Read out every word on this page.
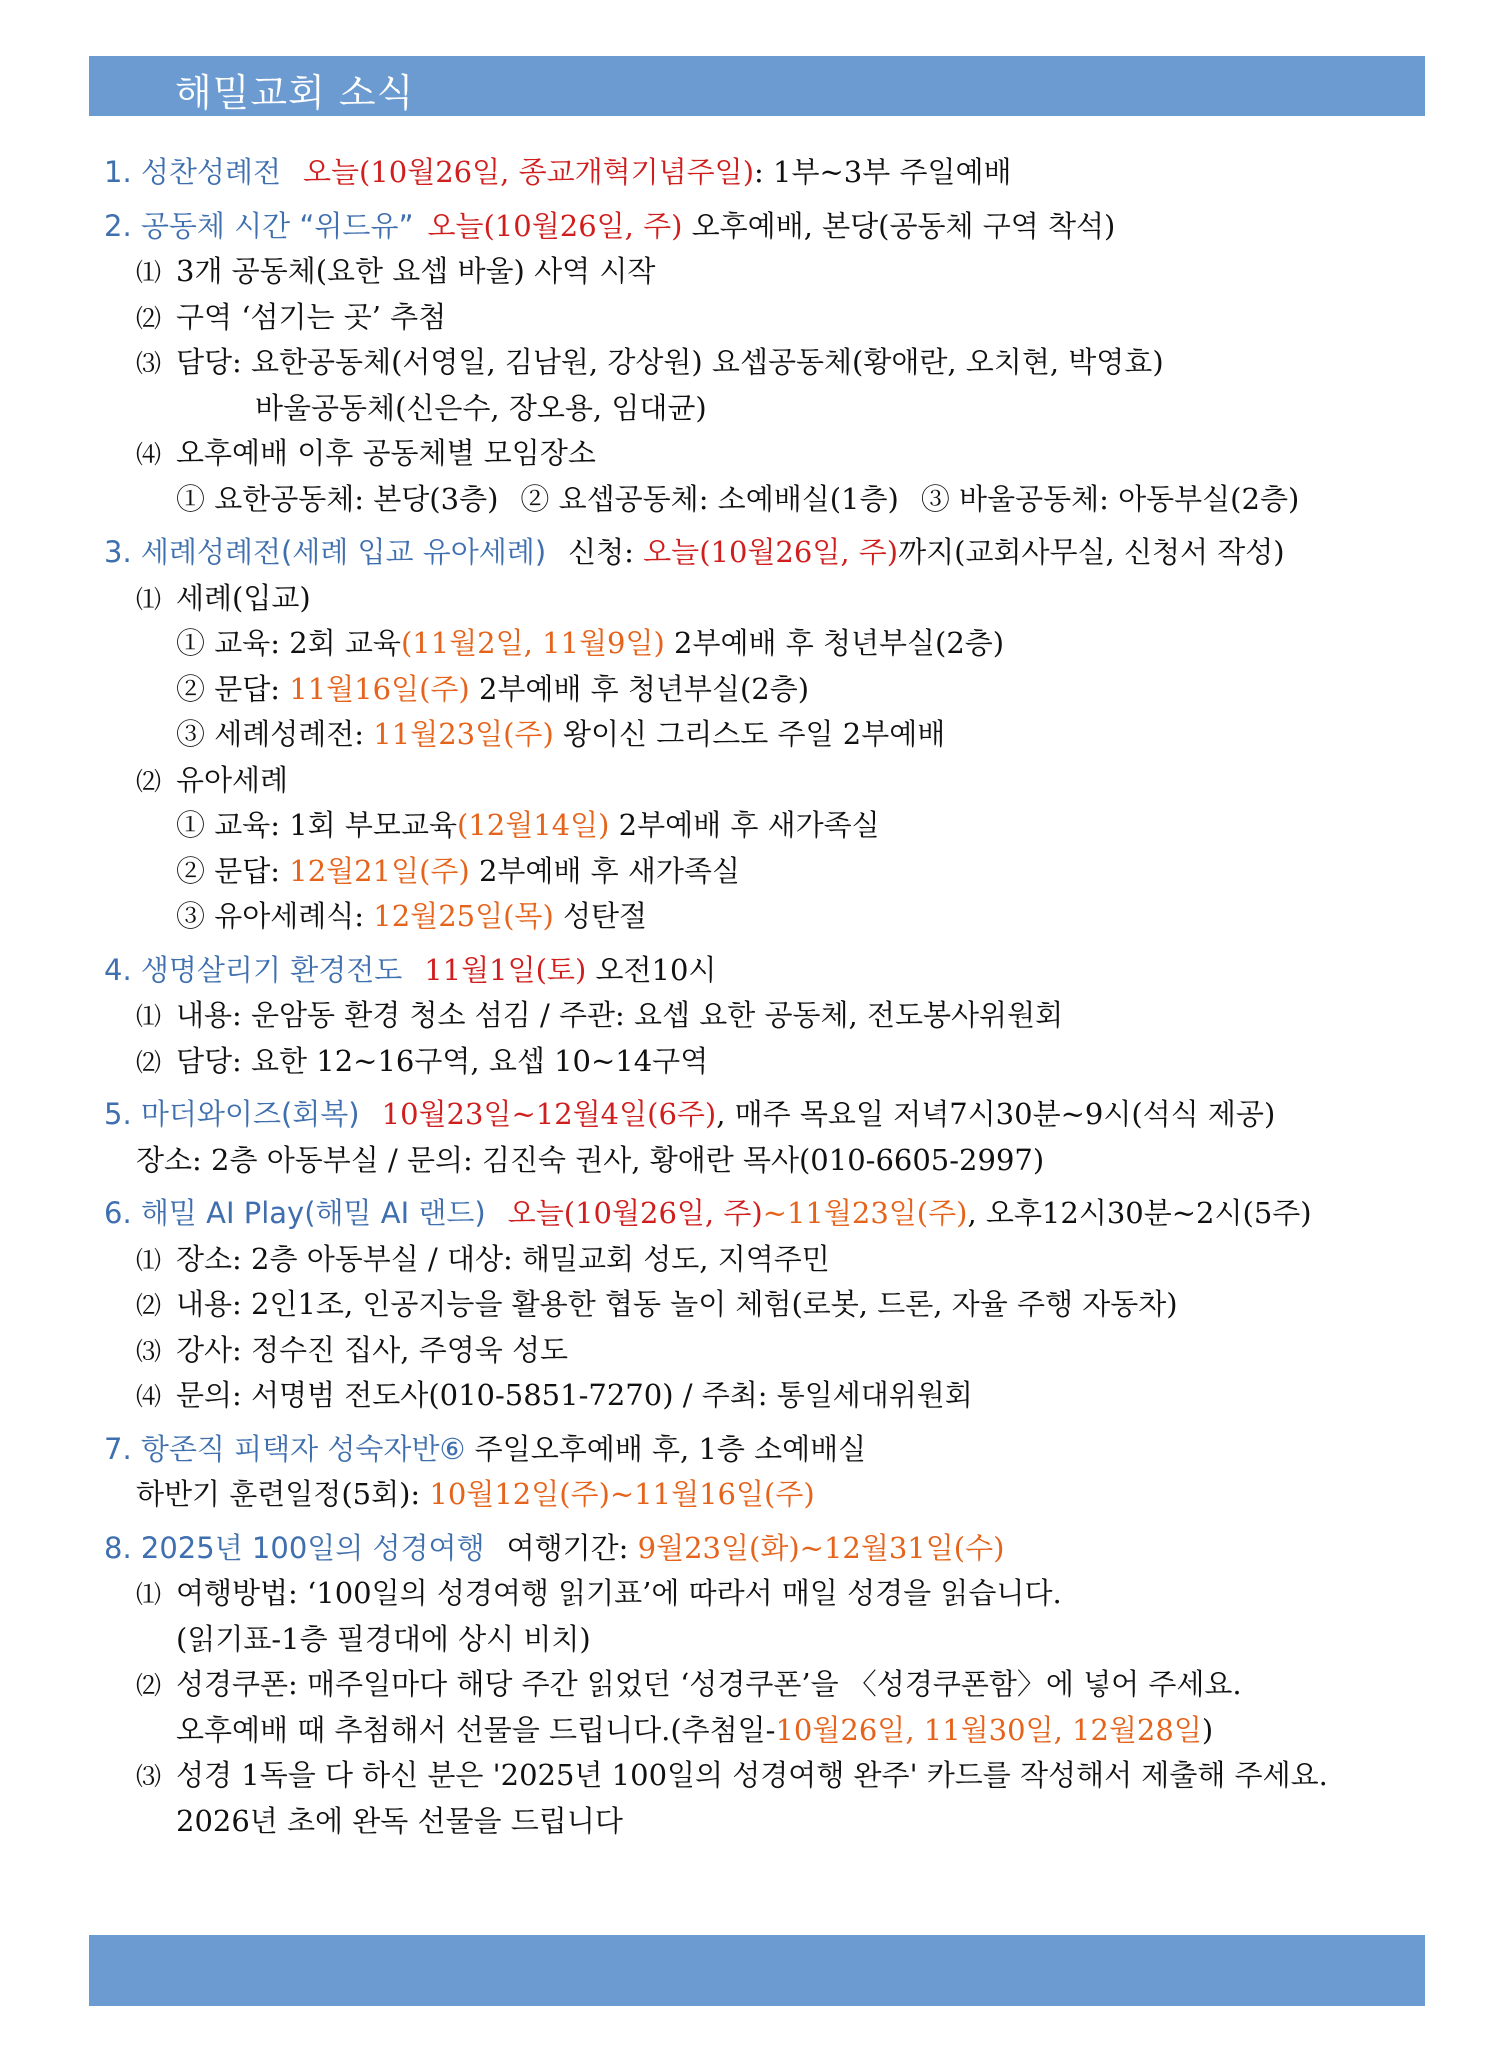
해밀교회 소식
1. 성찬성례전 오늘(10월26일, 종교개혁기념주일): 1부~3부 주일예배
2. 공동체 시간 “위드유” 오늘(10월26일, 주) 오후예배, 본당(공동체 구역 착석)
⑴ 3개 공동체(요한 요셉 바울) 사역 시작
⑵ 구역 ‘섬기는 곳’ 추첨
⑶ 담당: 요한공동체(서영일, 김남원, 강상원) 요셉공동체(황애란, 오치현, 박영효)
바울공동체(신은수, 장오용, 임대균)
⑷ 오후예배 이후 공동체별 모임장소
① 요한공동체: 본당(3층) ② 요셉공동체: 소예배실(1층) ③ 바울공동체: 아동부실(2층)
3. 세례성례전(세례 입교 유아세례) 신청: 오늘(10월26일, 주)까지(교회사무실, 신청서 작성)
⑴ 세례(입교)
① 교육: 2회 교육(11월2일, 11월9일) 2부예배 후 청년부실(2층)
② 문답: 11월16일(주) 2부예배 후 청년부실(2층)
③ 세례성례전: 11월23일(주) 왕이신 그리스도 주일 2부예배
⑵ 유아세례
① 교육: 1회 부모교육(12월14일) 2부예배 후 새가족실
② 문답: 12월21일(주) 2부예배 후 새가족실
③ 유아세례식: 12월25일(목) 성탄절
4. 생명살리기 환경전도 11월1일(토) 오전10시
⑴ 내용: 운암동 환경 청소 섬김 / 주관: 요셉 요한 공동체, 전도봉사위원회
⑵ 담당: 요한 12~16구역, 요셉 10~14구역
5. 마더와이즈(회복) 10월23일~12월4일(6주), 매주 목요일 저녁7시30분~9시(석식 제공)
장소: 2층 아동부실 / 문의: 김진숙 권사, 황애란 목사(010-6605-2997)
6. 해밀 AI Play(해밀 AI 랜드) 오늘(10월26일, 주)~11월23일(주), 오후12시30분~2시(5주)
⑴ 장소: 2층 아동부실 / 대상: 해밀교회 성도, 지역주민
⑵ 내용: 2인1조, 인공지능을 활용한 협동 놀이 체험(로봇, 드론, 자율 주행 자동차)
⑶ 강사: 정수진 집사, 주영욱 성도
⑷ 문의: 서명범 전도사(010-5851-7270) / 주최: 통일세대위원회
7. 항존직 피택자 성숙자반⑥ 주일오후예배 후, 1층 소예배실
하반기 훈련일정(5회): 10월12일(주)~11월16일(주)
8. 2025년 100일의 성경여행 여행기간: 9월23일(화)~12월31일(수)
⑴ 여행방법: ‘100일의 성경여행 읽기표’에 따라서 매일 성경을 읽습니다.
(읽기표-1층 필경대에 상시 비치)
⑵ 성경쿠폰: 매주일마다 해당 주간 읽었던 ‘성경쿠폰’을 〈성경쿠폰함〉에 넣어 주세요.
오후예배 때 추첨해서 선물을 드립니다.(추첨일-10월26일, 11월30일, 12월28일)
⑶ 성경 1독을 다 하신 분은 '2025년 100일의 성경여행 완주' 카드를 작성해서 제출해 주세요.
2026년 초에 완독 선물을 드립니다
